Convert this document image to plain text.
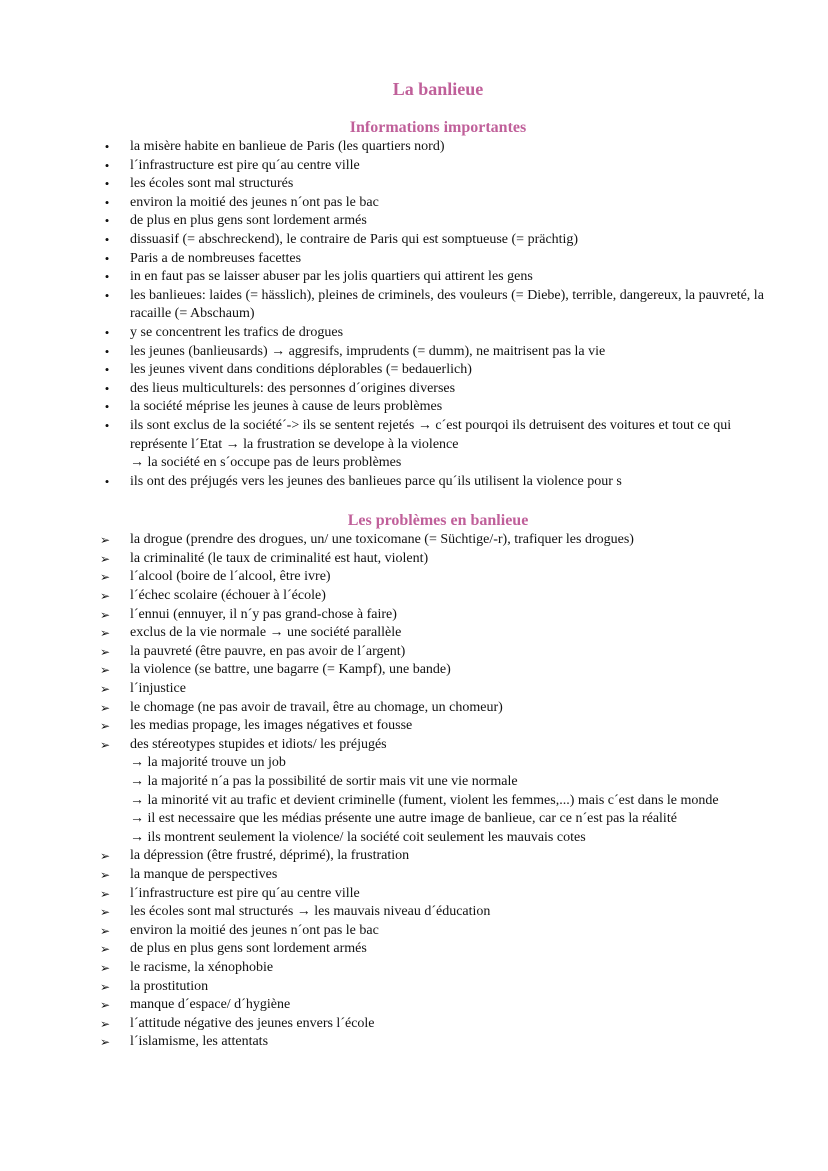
La banlieue
Informations importantes
•	la misère habite en banlieue de Paris (les quartiers nord)
•	l´infrastructure est pire qu´au centre ville
•	les écoles sont mal structurés
•	environ la moitié des jeunes n´ont pas le bac
•	de plus en plus gens sont lordement armés
•	dissuasif (= abschreckend), le contraire de Paris qui est somptueuse (= prächtig)
•	Paris a de nombreuses facettes
•	in en faut pas se laisser abuser par les jolis quartiers qui attirent les gens
•	les banlieues: laides (= hässlich), pleines de criminels, des vouleurs (= Diebe), terrible, dangereux, la pauvreté, la racaille (= Abschaum)
•	y se concentrent les trafics de drogues
•	les jeunes (banlieusards) → aggresifs, imprudents (= dumm), ne maitrisent pas la vie
•	les jeunes vivent dans conditions déplorables (= bedauerlich)
•	des lieus multiculturels: des personnes d´origines diverses
•	la société méprise les jeunes à cause de leurs problèmes
•	ils sont exclus de la société´-> ils se sentent rejetés → c´est pourqoi ils detruisent des voitures et tout ce qui représente l´Etat → la frustration se develope à la violence
→ la société en s´occupe pas de leurs problèmes
•	ils ont des préjugés vers les jeunes des banlieues parce qu´ils utilisent la violence pour s
Les problèmes en banlieue
➢ la drogue (prendre des drogues, un/ une toxicomane (= Süchtige/-r), trafiquer les drogues)
➢ la criminalité (le taux de criminalité est haut, violent)
➢ l´alcool (boire de l´alcool, être ivre)
➢ l´échec scolaire (échouer à l´école)
➢ l´ennui (ennuyer, il n´y pas grand-chose à faire)
➢ exclus de la vie normale → une société parallèle
➢ la pauvreté (être pauvre, en pas avoir de l´argent)
➢ la violence (se battre, une bagarre (= Kampf), une bande)
➢ l´injustice
➢ le chomage (ne pas avoir de travail, être au chomage, un chomeur)
➢ les medias propage, les images négatives et fousse
➢ des stéreotypes stupides et idiots/ les préjugés
→ la majorité trouve un job
→ la majorité n´a pas la possibilité de sortir mais vit une vie normale
→ la minorité vit au trafic et devient criminelle (fument, violent les femmes,...) mais c´est dans le monde
→ il est necessaire que les médias présente une autre image de banlieue, car ce n´est pas la réalité
→ ils montrent seulement la violence/ la société coit seulement les mauvais cotes
➢ la dépression (être frustré, déprimé), la frustration
➢ la manque de perspectives
➢ l´infrastructure est pire qu´au centre ville
➢ les écoles sont mal structurés → les mauvais niveau d´éducation
➢ environ la moitié des jeunes n´ont pas le bac
➢ de plus en plus gens sont lordement armés
➢ le racisme, la xénophobie
➢ la prostitution
➢ manque d´espace/ d´hygiène
➢ l´attitude négative des jeunes envers l´école
➢ l´islamisme, les attentats
